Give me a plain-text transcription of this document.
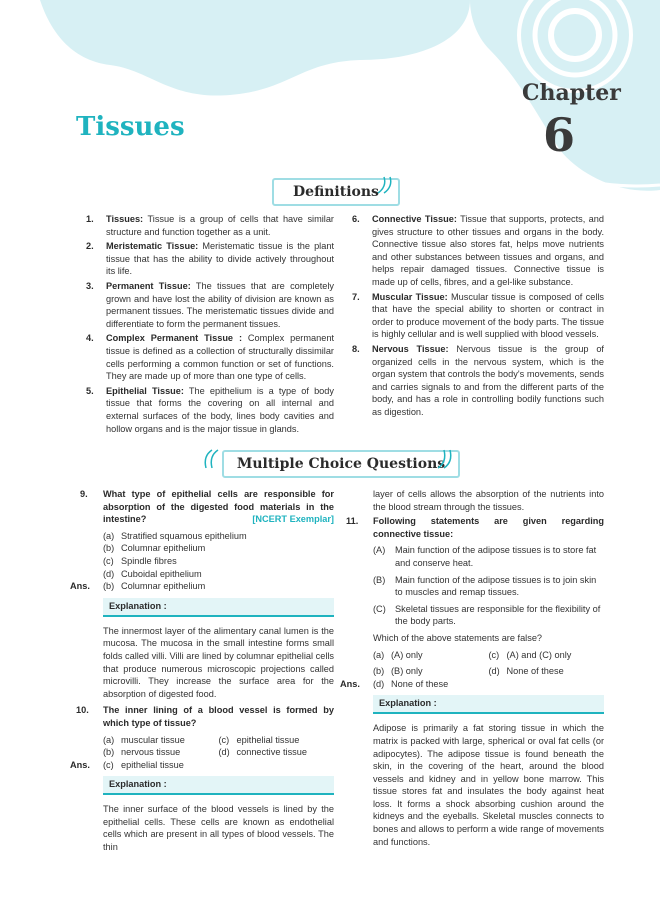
Chapter
6
Tissues
Definitions
1. Tissues: Tissue is a group of cells that have similar structure and function together as a unit.
2. Meristematic Tissue: Meristematic tissue is the plant tissue that has the ability to divide actively throughout its life.
3. Permanent Tissue: The tissues that are completely grown and have lost the ability of division are known as permanent tissues. The meristematic tissues divide and differentiate to form the permanent tissues.
4. Complex Permanent Tissue : Complex permanent tissue is defined as a collection of structurally dissimilar cells performing a common function or set of functions. They are made up of more than one type of cells.
5. Epithelial Tissue: The epithelium is a type of body tissue that forms the covering on all internal and external surfaces of the body, lines body cavities and hollow organs and is the major tissue in glands.
6. Connective Tissue: Tissue that supports, protects, and gives structure to other tissues and organs in the body. Connective tissue also stores fat, helps move nutrients and other substances between tissues and organs, and helps repair damaged tissues. Connective tissue is made up of cells, fibres, and a gel-like substance.
7. Muscular Tissue: Muscular tissue is composed of cells that have the special ability to shorten or contract in order to produce movement of the body parts. The tissue is highly cellular and is well supplied with blood vessels.
8. Nervous Tissue: Nervous tissue is the group of organized cells in the nervous system, which is the organ system that controls the body's movements, sends and carries signals to and from the different parts of the body, and has a role in controlling bodily functions such as digestion.
Multiple Choice Questions
9. What type of epithelial cells are responsible for absorption of the digested food materials in the intestine?	[NCERT Exemplar]
(a) Stratified squamous epithelium
(b) Columnar epithelium
(c) Spindle fibres
(d) Cuboidal epithelium
Ans. (b) Columnar epithelium
Explanation :
The innermost layer of the alimentary canal lumen is the mucosa. The mucosa in the small intestine forms small folds called villi. Villi are lined by columnar epithelial cells that produce numerous microscopic projections called microvilli. They increase the surface area for the absorption of digested food.
10. The inner lining of a blood vessel is formed by which type of tissue?
(a) muscular tissue	(c) epithelial tissue
(b) nervous tissue	(d) connective tissue
Ans. (c) epithelial tissue
Explanation :
The inner surface of the blood vessels is lined by the epithelial cells. These cells are known as endothelial cells which are present in all types of blood vessels. The thin
layer of cells allows the absorption of the nutrients into the blood stream through the tissues.
11. Following statements are given regarding connective tissue:
(A)	Main function of the adipose tissues is to store fat and conserve heat.
(B)	Main function of the adipose tissues is to join skin to muscles and remap tissues.
(C)	Skeletal tissues are responsible for the flexibility of the body parts.
Which of the above statements are false?
(a) (A) only	(c) (A) and (C) only
(b) (B) only	(d) None of these
Ans. (d) None of these
Explanation :
Adipose is primarily a fat storing tissue in which the matrix is packed with large, spherical or oval fat cells (or adipocytes). The adipose tissue is found beneath the skin, in the covering of the heart, around the blood vessels and kidney and in yellow bone marrow. This tissue stores fat and insulates the body against heat loss. It forms a shock absorbing cushion around the kidneys and the eyeballs. Skeletal muscles connects to bones and allows to perform a wide range of movements and functions.
